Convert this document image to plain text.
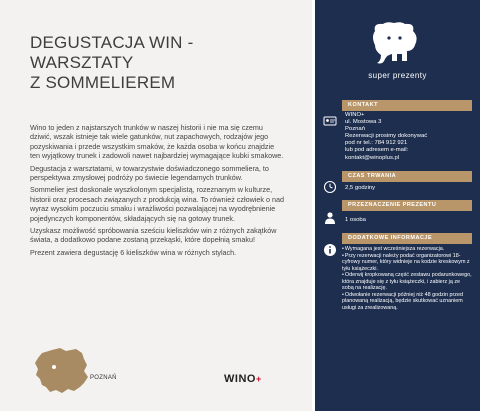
DEGUSTACJA WIN -
WARSZTATY
Z SOMMELIEREM

Wino to jeden z najstarszych trunków w naszej historii i nie ma się czemu dziwić, wszak istnieje tak wiele gatunków, nut zapachowych, rodzajów jego pozyskiwania i przede wszystkim smaków, że każda osoba w końcu znajdzie ten wyjątkowy trunek i zadowoli nawet najbardziej wymagające kubki smakowe.

Degustacja z warsztatami, w towarzystwie doświadczonego sommeliera, to perspektywa zmysłowej podróży po świecie legendarnych trunków.

Sommelier jest doskonale wyszkolonym specjalistą, rozeznanym w kulturze, historii oraz procesach związanych z produkcją wina. To również człowiek o nad wyraz wysokim poczuciu smaku i wrażliwości pozwalającej na wyodrębnienie pojedynczych komponentów, składających się na gotowy trunek.

Uzyskasz możliwość spróbowania sześciu kieliszków win z różnych zakątków świata, a dodatkowo podane zostaną przekąski, które dopełnią smaku!

Prezent zawiera degustację 6 kieliszków wina w różnych stylach.

POZNAŃ	WINO+
super prezenty
KONTAKT
WINO+
ul. Mostowa 3
Poznań
Rezerwacji prosimy dokonywać
pod nr tel.: 784 912 921
lub pod adresem e-mail:
kontakt@winoplus.pl
CZAS TRWANIA
2,5 godziny
PRZEZNACZENIE PREZENTU
1 osoba
DODATKOWE INFORMACJE
•Wymagana jest wcześniejsza rezerwacja.
•Przy rezerwacji należy podać organizatorowi 18-cyfrowy numer, który widnieje na kodzie kreskowym z tyłu książeczki.
•Oderwij kropkowaną część zestawu podarunkowego, która znajduje się z tyłu książeczki, i zabierz ją ze sobą na realizację.
•Odwołanie rezerwacji później niż 48 godzin przed planowaną realizacją, będzie skutkować uznaniem usługi za zrealizowaną.
